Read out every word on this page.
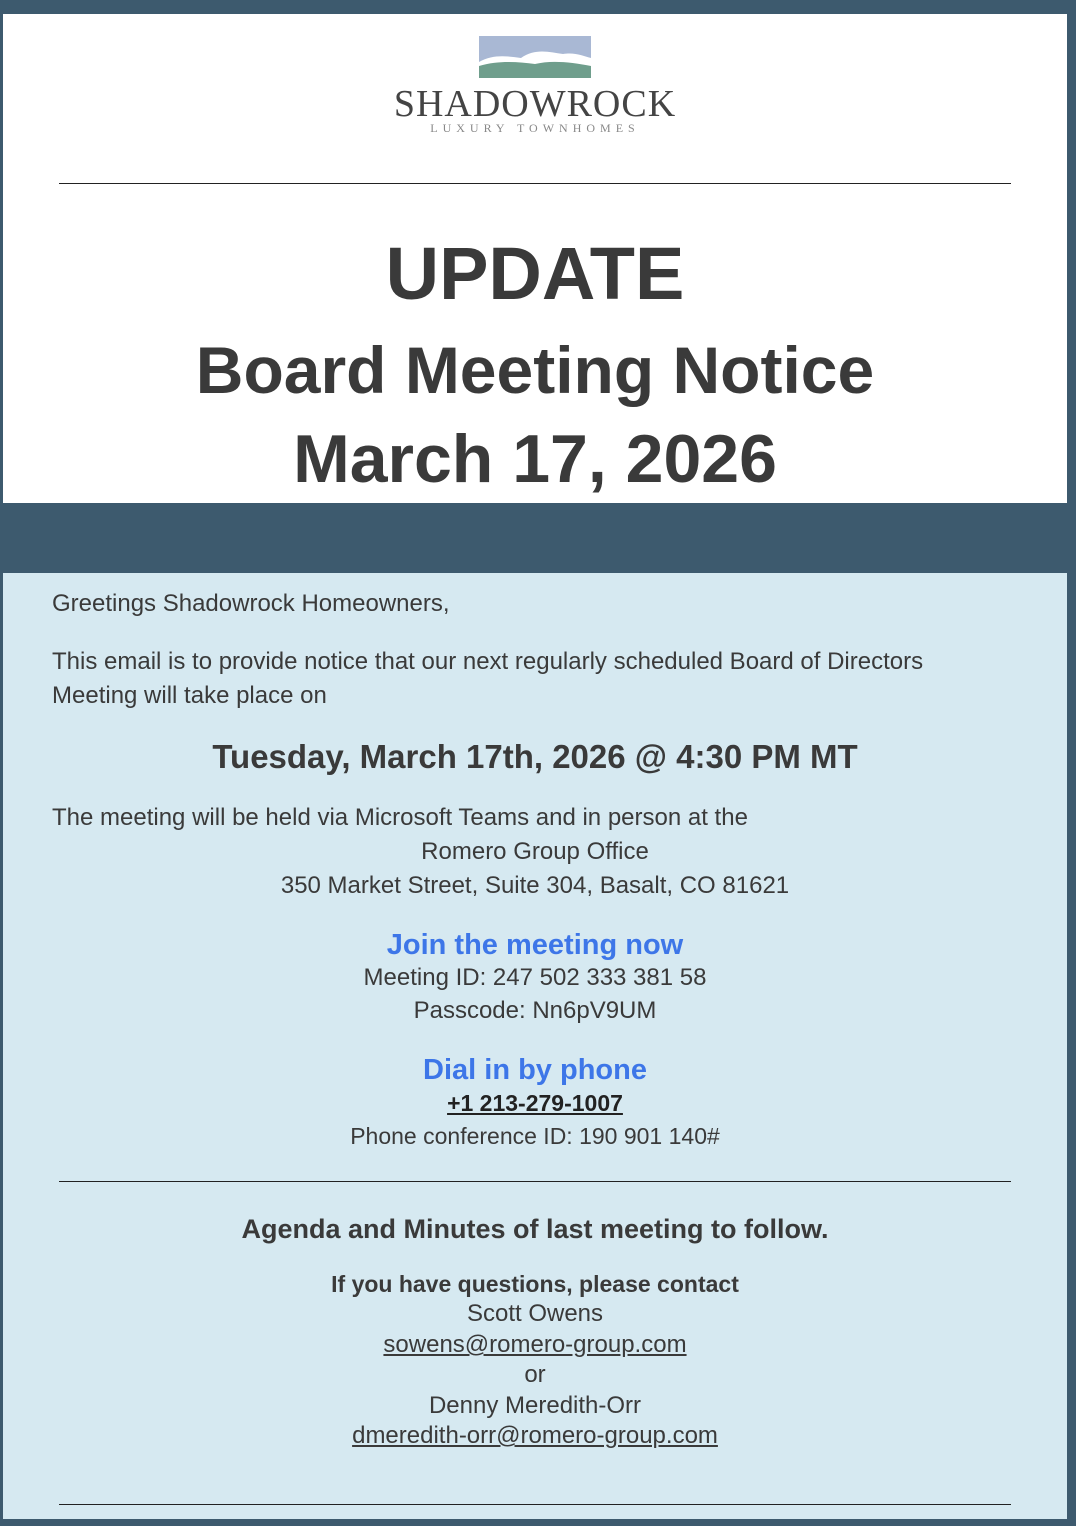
SHADOWROCK
LUXURY TOWNHOMES
UPDATE
Board Meeting Notice
March 17, 2026
Greetings Shadowrock Homeowners,
This email is to provide notice that our next regularly scheduled Board of Directors Meeting will take place on
Tuesday, March 17th, 2026 @ 4:30 PM MT
The meeting will be held via Microsoft Teams and in person at the
Romero Group Office
350 Market Street, Suite 304, Basalt, CO 81621
Join the meeting now
Meeting ID: 247 502 333 381 58
Passcode: Nn6pV9UM
Dial in by phone
+1 213-279-1007
Phone conference ID: 190 901 140#
Agenda and Minutes of last meeting to follow.
If you have questions, please contact
Scott Owens
sowens@romero-group.com
or
Denny Meredith-Orr
dmeredith-orr@romero-group.com
